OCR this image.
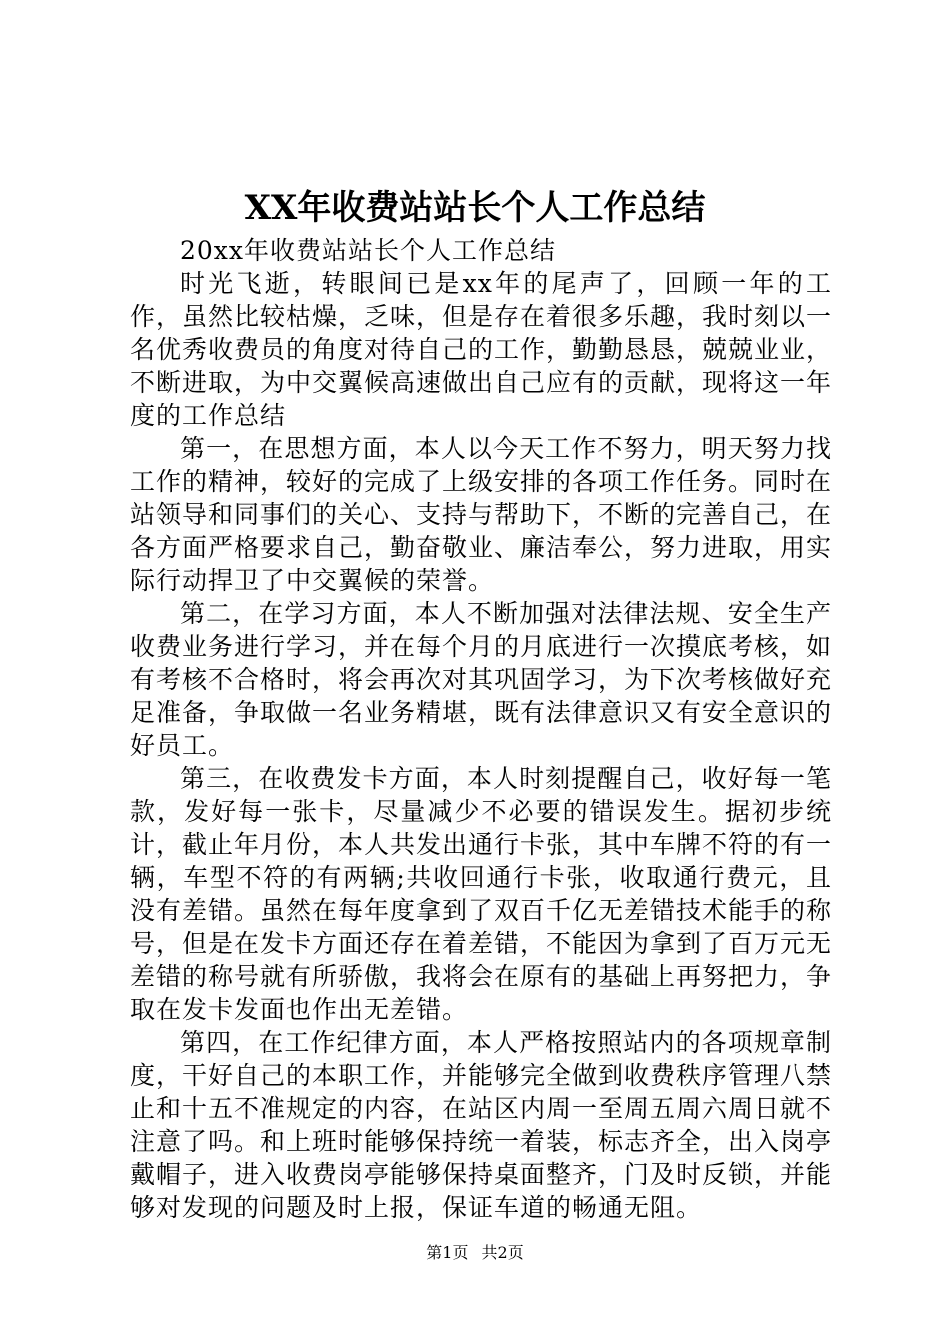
XX年收费站站长个人工作总结

20xx年收费站站长个人工作总结

时光飞逝，转眼间已是xx年的尾声了，回顾一年的工作，虽然比较枯燥，乏味，但是存在着很多乐趣，我时刻以一名优秀收费员的角度对待自己的工作，勤勤恳恳，兢兢业业，不断进取，为中交翼候高速做出自己应有的贡献，现将这一年度的工作总结

第一，在思想方面，本人以今天工作不努力，明天努力找工作的精神，较好的完成了上级安排的各项工作任务。同时在站领导和同事们的关心、支持与帮助下，不断的完善自己，在各方面严格要求自己，勤奋敬业、廉洁奉公，努力进取，用实际行动捍卫了中交翼候的荣誉。

第二，在学习方面，本人不断加强对法律法规、安全生产收费业务进行学习，并在每个月的月底进行一次摸底考核，如有考核不合格时，将会再次对其巩固学习，为下次考核做好充足准备，争取做一名业务精堪，既有法律意识又有安全意识的好员工。

第三，在收费发卡方面，本人时刻提醒自己，收好每一笔款，发好每一张卡，尽量减少不必要的错误发生。据初步统计，截止年月份，本人共发出通行卡张，其中车牌不符的有一辆，车型不符的有两辆;共收回通行卡张，收取通行费元，且没有差错。虽然在每年度拿到了双百千亿无差错技术能手的称号，但是在发卡方面还存在着差错，不能因为拿到了百万元无差错的称号就有所骄傲，我将会在原有的基础上再努把力，争取在发卡发面也作出无差错。

第四，在工作纪律方面，本人严格按照站内的各项规章制度，干好自己的本职工作，并能够完全做到收费秩序管理八禁止和十五不准规定的内容，在站区内周一至周五周六周日就不注意了吗。和上班时能够保持统一着装，标志齐全，出入岗亭戴帽子，进入收费岗亭能够保持桌面整齐，门及时反锁，并能够对发现的问题及时上报，保证车道的畅通无阻。

第1页 共2页
